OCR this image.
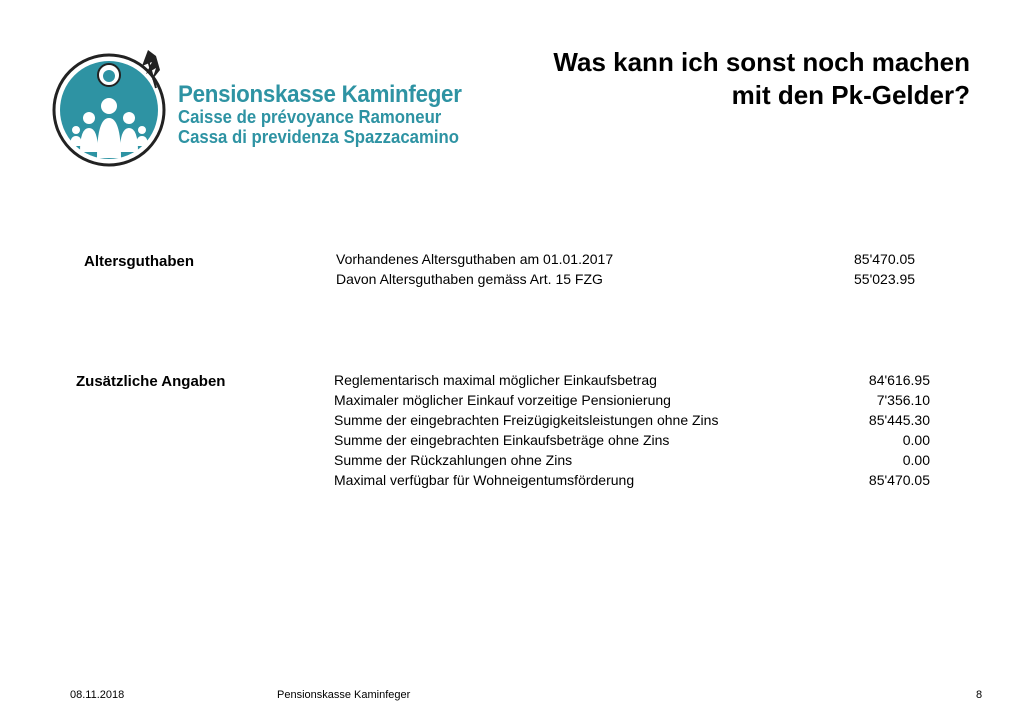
Pensionskasse Kaminfeger
Caisse de prévoyance Ramoneur
Cassa di previdenza Spazzacamino
Was kann ich sonst noch machen
mit den Pk-Gelder?
Altersguthaben	Vorhandenes Altersguthaben am 01.01.2017	85'470.05
Davon Altersguthaben gemäss Art. 15 FZG	55'023.95
Zusätzliche Angaben	Reglementarisch maximal möglicher Einkaufsbetrag	84'616.95
Maximaler möglicher Einkauf vorzeitige Pensionierung	7'356.10
Summe der eingebrachten Freizügigkeitsleistungen ohne Zins	85'445.30
Summe der eingebrachten Einkaufsbeträge ohne Zins	0.00
Summe der Rückzahlungen ohne Zins	0.00
Maximal verfügbar für Wohneigentumsförderung	85'470.05
08.11.2018	Pensionskasse Kaminfeger	8
